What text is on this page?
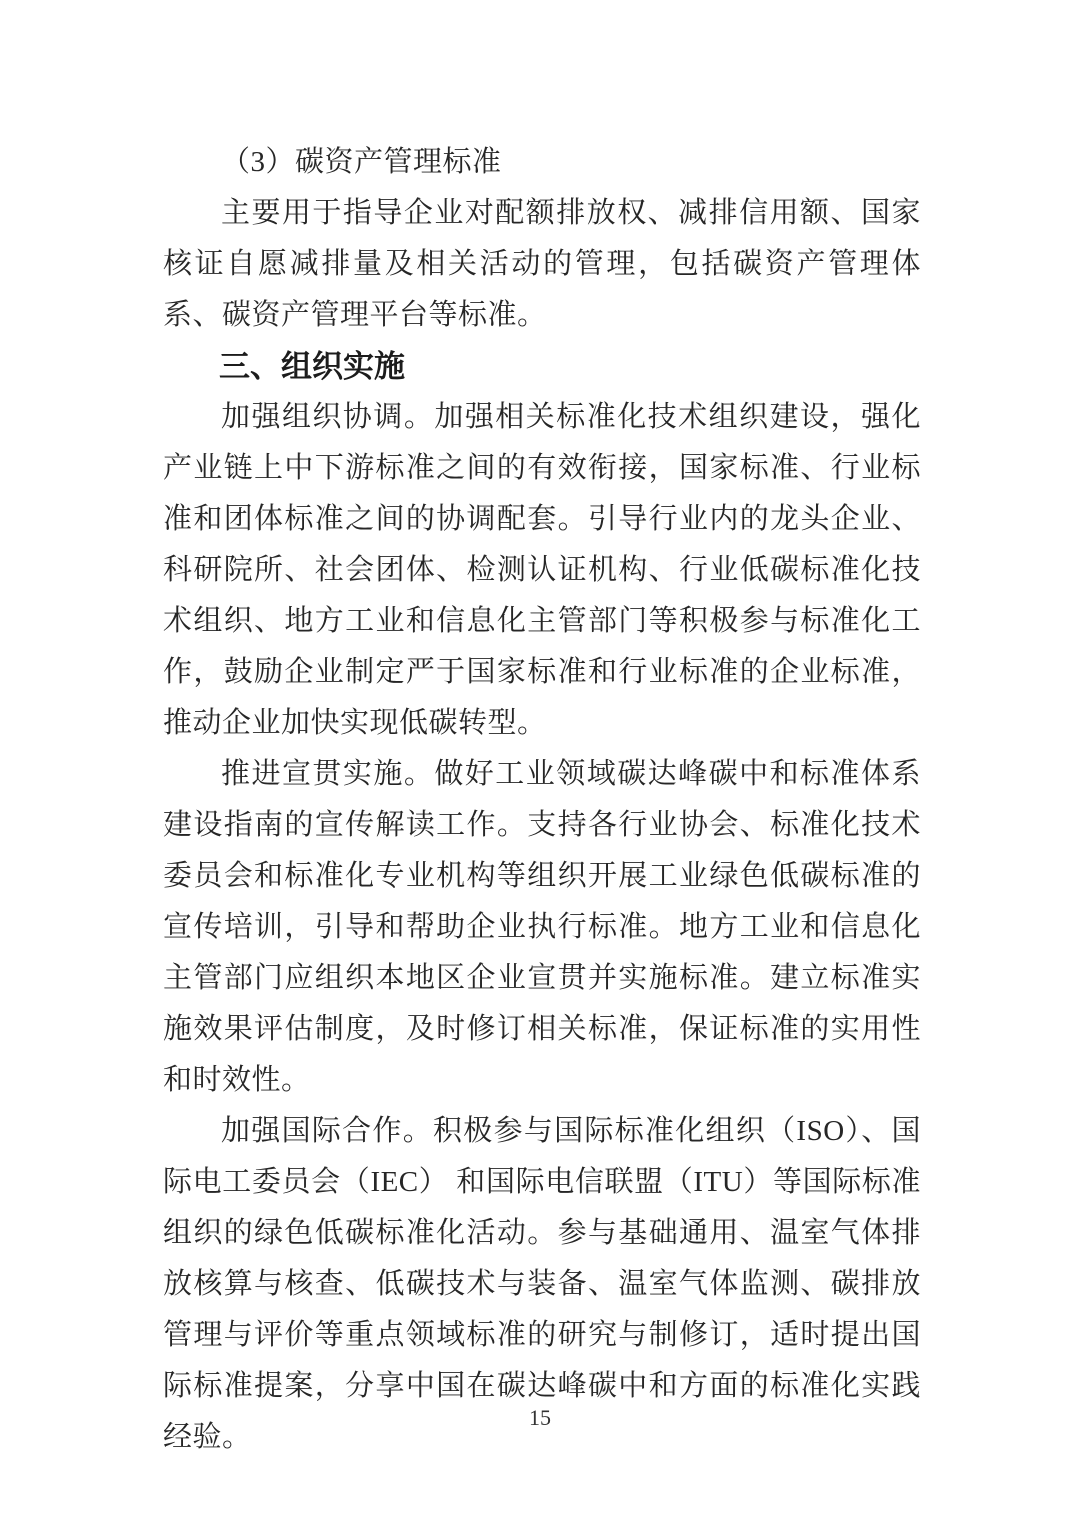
（3）碳资产管理标准

主要用于指导企业对配额排放权、减排信用额、国家核证自愿减排量及相关活动的管理，包括碳资产管理体系、碳资产管理平台等标准。

三、组织实施

加强组织协调。加强相关标准化技术组织建设，强化产业链上中下游标准之间的有效衔接，国家标准、行业标准和团体标准之间的协调配套。引导行业内的龙头企业、科研院所、社会团体、检测认证机构、行业低碳标准化技术组织、地方工业和信息化主管部门等积极参与标准化工作，鼓励企业制定严于国家标准和行业标准的企业标准，推动企业加快实现低碳转型。

推进宣贯实施。做好工业领域碳达峰碳中和标准体系建设指南的宣传解读工作。支持各行业协会、标准化技术委员会和标准化专业机构等组织开展工业绿色低碳标准的宣传培训，引导和帮助企业执行标准。地方工业和信息化主管部门应组织本地区企业宣贯并实施标准。建立标准实施效果评估制度，及时修订相关标准，保证标准的实用性和时效性。

加强国际合作。积极参与国际标准化组织（ISO）、国际电工委员会（IEC） 和国际电信联盟（ITU）等国际标准组织的绿色低碳标准化活动。参与基础通用、温室气体排放核算与核查、低碳技术与装备、温室气体监测、碳排放管理与评价等重点领域标准的研究与制修订，适时提出国际标准提案，分享中国在碳达峰碳中和方面的标准化实践经验。

15
